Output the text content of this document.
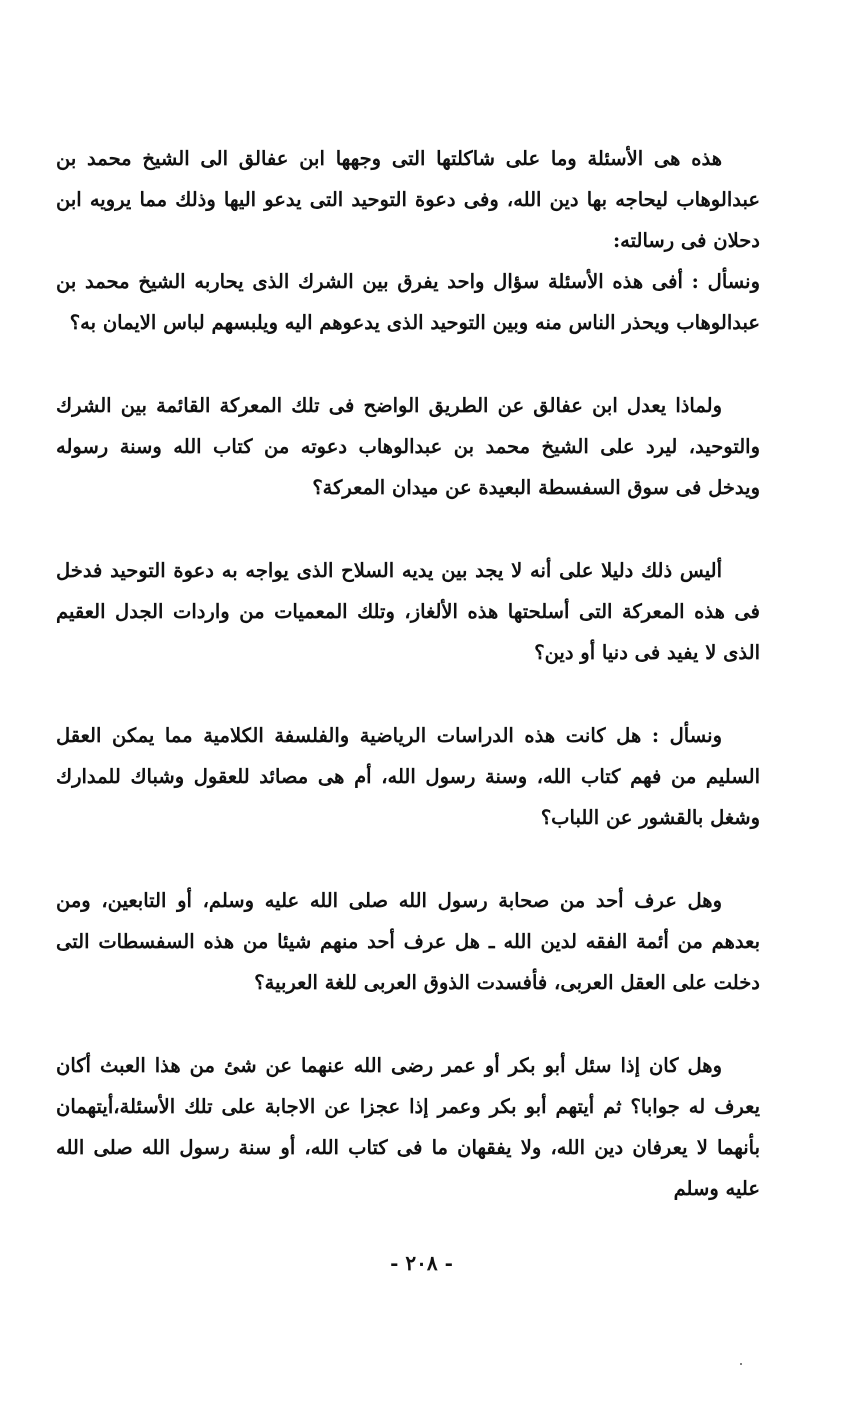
هذه هى الأسئلة وما على شاكلتها التى وجهها ابن عفالق الى الشيخ محمد بن عبدالوهاب ليحاجه بها دين الله، وفى دعوة التوحيد التى يدعو اليها وذلك مما يرويه ابن دحلان فى رسالته:

ونسأل : أفى هذه الأسئلة سؤال واحد يفرق بين الشرك الذى يحاربه الشيخ محمد بن عبدالوهاب ويحذر الناس منه وبين التوحيد الذى يدعوهم اليه ويلبسهم لباس الايمان به؟

ولماذا يعدل ابن عفالق عن الطريق الواضح فى تلك المعركة القائمة بين الشرك والتوحيد، ليرد على الشيخ محمد بن عبدالوهاب دعوته من كتاب الله وسنة رسوله ويدخل فى سوق السفسطة البعيدة عن ميدان المعركة؟

أليس ذلك دليلا على أنه لا يجد بين يديه السلاح الذى يواجه به دعوة التوحيد فدخل فى هذه المعركة التى أسلحتها هذه الألغاز، وتلك المعميات من واردات الجدل العقيم الذى لا يفيد فى دنيا أو دين؟

ونسأل : هل كانت هذه الدراسات الرياضية والفلسفة الكلامية مما يمكن العقل السليم من فهم كتاب الله، وسنة رسول الله، أم هى مصائد للعقول وشباك للمدارك وشغل بالقشور عن اللباب؟

وهل عرف أحد من صحابة رسول الله صلى الله عليه وسلم، أو التابعين، ومن بعدهم من أئمة الفقه لدين الله ـ هل عرف أحد منهم شيئا من هذه السفسطات التى دخلت على العقل العربى، فأفسدت الذوق العربى للغة العربية؟

وهل كان إذا سئل أبو بكر أو عمر رضى الله عنهما عن شئ من هذا العبث أكان يعرف له جوابا؟ ثم أيتهم أبو بكر وعمر إذا عجزا عن الاجابة على تلك الأسئلة،أيتهمان بأنهما لا يعرفان دين الله، ولا يفقهان ما فى كتاب الله، أو سنة رسول الله صلى الله عليه وسلم

- ٢٠٨ -
